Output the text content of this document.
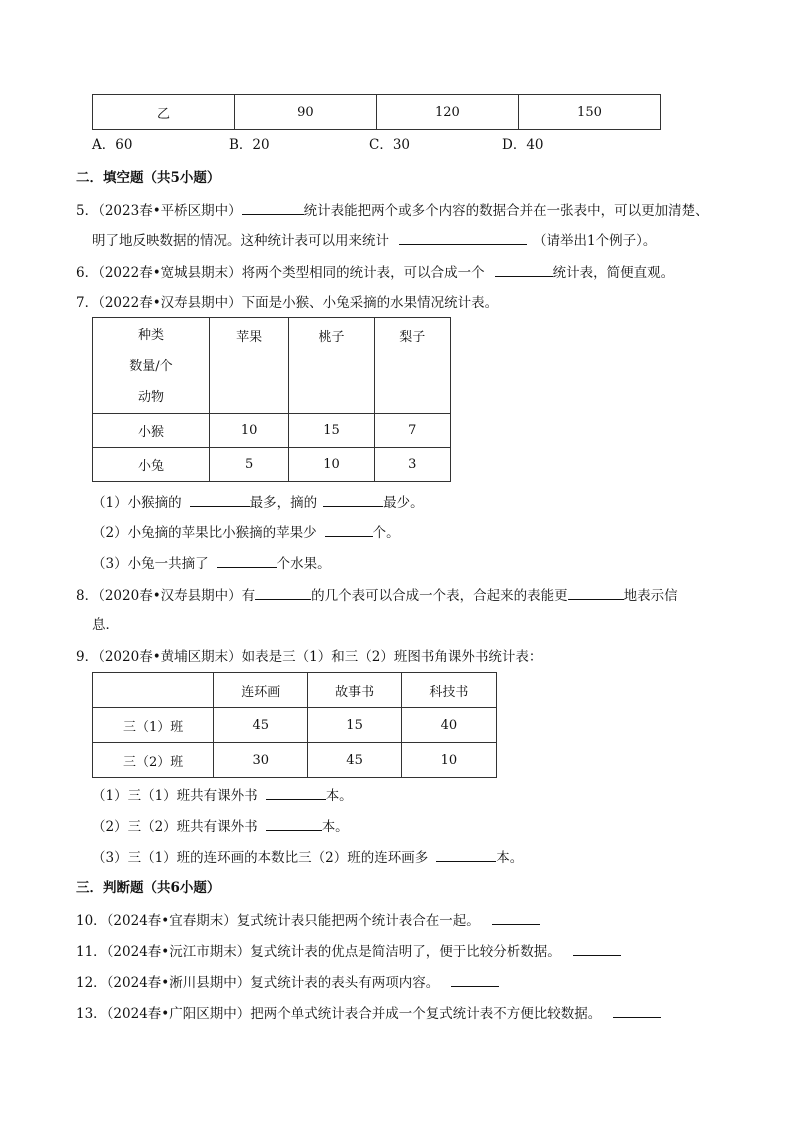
乙	90	120	150
A．60	B．20	C．30	D．40
二．填空题（共5小题）
5．（2023春•平桥区期中）	统计表能把两个或多个内容的数据合并在一张表中，可以更加清楚、
明了地反映数据的情况。这种统计表可以用来统计	（请举出1个例子）。
6．（2022春•宽城县期末）将两个类型相同的统计表，可以合成一个	统计表，简便直观。
7．（2022春•汉寿县期中）下面是小猴、小兔采摘的水果情况统计表。
种类
数量/个
动物	苹果	桃子	梨子
小猴	10	15	7
小兔	5	10	3
（1）小猴摘的	最多，摘的	最少。
（2）小兔摘的苹果比小猴摘的苹果少	个。
（3）小兔一共摘了	个水果。
8．（2020春•汉寿县期中）有	的几个表可以合成一个表，合起来的表能更	地表示信
息．
9．（2020春•黄埔区期末）如表是三（1）和三（2）班图书角课外书统计表：
	连环画	故事书	科技书
三（1）班	45	15	40
三（2）班	30	45	10
（1）三（1）班共有课外书	本。
（2）三（2）班共有课外书	本。
（3）三（1）班的连环画的本数比三（2）班的连环画多	本。
三．判断题（共6小题）
10．（2024春•宜春期末）复式统计表只能把两个统计表合在一起。
11．（2024春•沅江市期末）复式统计表的优点是简洁明了，便于比较分析数据。
12．（2024春•淅川县期中）复式统计表的表头有两项内容。
13．（2024春•广阳区期中）把两个单式统计表合并成一个复式统计表不方便比较数据。
